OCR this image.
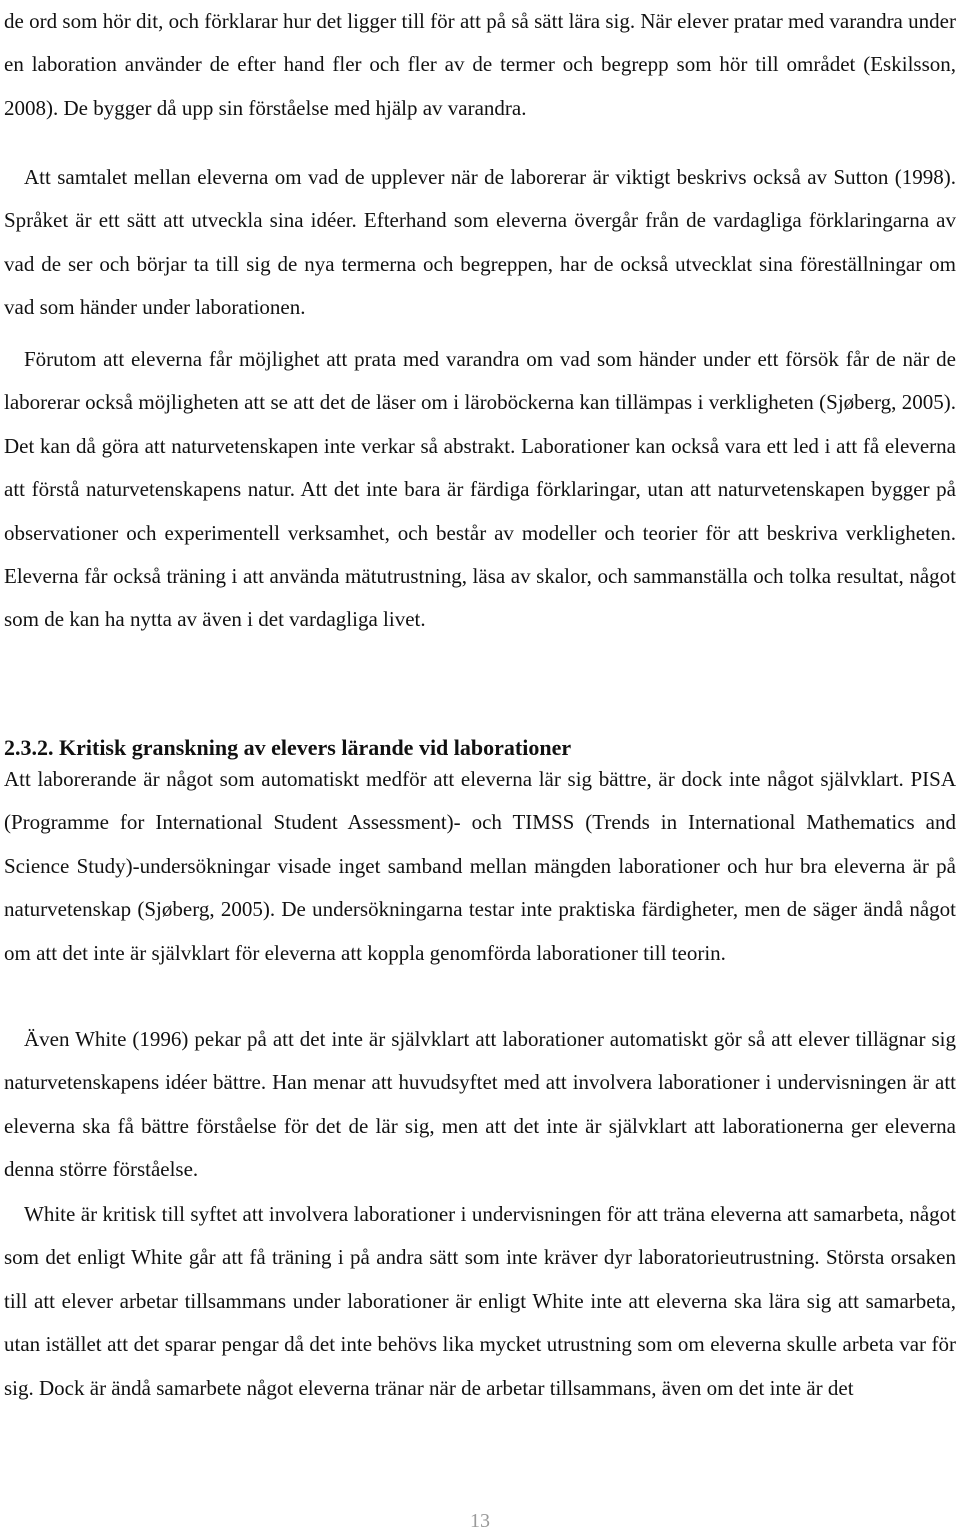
de ord som hör dit, och förklarar hur det ligger till för att på så sätt lära sig. När elever pratar med varandra under en laboration använder de efter hand fler och fler av de termer och begrepp som hör till området (Eskilsson, 2008). De bygger då upp sin förståelse med hjälp av varandra.

Att samtalet mellan eleverna om vad de upplever när de laborerar är viktigt beskrivs också av Sutton (1998). Språket är ett sätt att utveckla sina idéer. Efterhand som eleverna övergår från de vardagliga förklaringarna av vad de ser och börjar ta till sig de nya termerna och begreppen, har de också utvecklat sina föreställningar om vad som händer under laborationen.

Förutom att eleverna får möjlighet att prata med varandra om vad som händer under ett försök får de när de laborerar också möjligheten att se att det de läser om i läroböckerna kan tillämpas i verkligheten (Sjøberg, 2005). Det kan då göra att naturvetenskapen inte verkar så abstrakt. Laborationer kan också vara ett led i att få eleverna att förstå naturvetenskapens natur. Att det inte bara är färdiga förklaringar, utan att naturvetenskapen bygger på observationer och experimentell verksamhet, och består av modeller och teorier för att beskriva verkligheten. Eleverna får också träning i att använda mätutrustning, läsa av skalor, och sammanställa och tolka resultat, något som de kan ha nytta av även i det vardagliga livet.

2.3.2. Kritisk granskning av elevers lärande vid laborationer

Att laborerande är något som automatiskt medför att eleverna lär sig bättre, är dock inte något självklart. PISA (Programme for International Student Assessment)- och TIMSS (Trends in International Mathematics and Science Study)-undersökningar visade inget samband mellan mängden laborationer och hur bra eleverna är på naturvetenskap (Sjøberg, 2005). De undersökningarna testar inte praktiska färdigheter, men de säger ändå något om att det inte är självklart för eleverna att koppla genomförda laborationer till teorin.

Även White (1996) pekar på att det inte är självklart att laborationer automatiskt gör så att elever tillägnar sig naturvetenskapens idéer bättre. Han menar att huvudsyftet med att involvera laborationer i undervisningen är att eleverna ska få bättre förståelse för det de lär sig, men att det inte är självklart att laborationerna ger eleverna denna större förståelse.

White är kritisk till syftet att involvera laborationer i undervisningen för att träna eleverna att samarbeta, något som det enligt White går att få träning i på andra sätt som inte kräver dyr laboratorieutrustning. Största orsaken till att elever arbetar tillsammans under laborationer är enligt White inte att eleverna ska lära sig att samarbeta, utan istället att det sparar pengar då det inte behövs lika mycket utrustning som om eleverna skulle arbeta var för sig. Dock är ändå samarbete något eleverna tränar när de arbetar tillsammans, även om det inte är det

13
